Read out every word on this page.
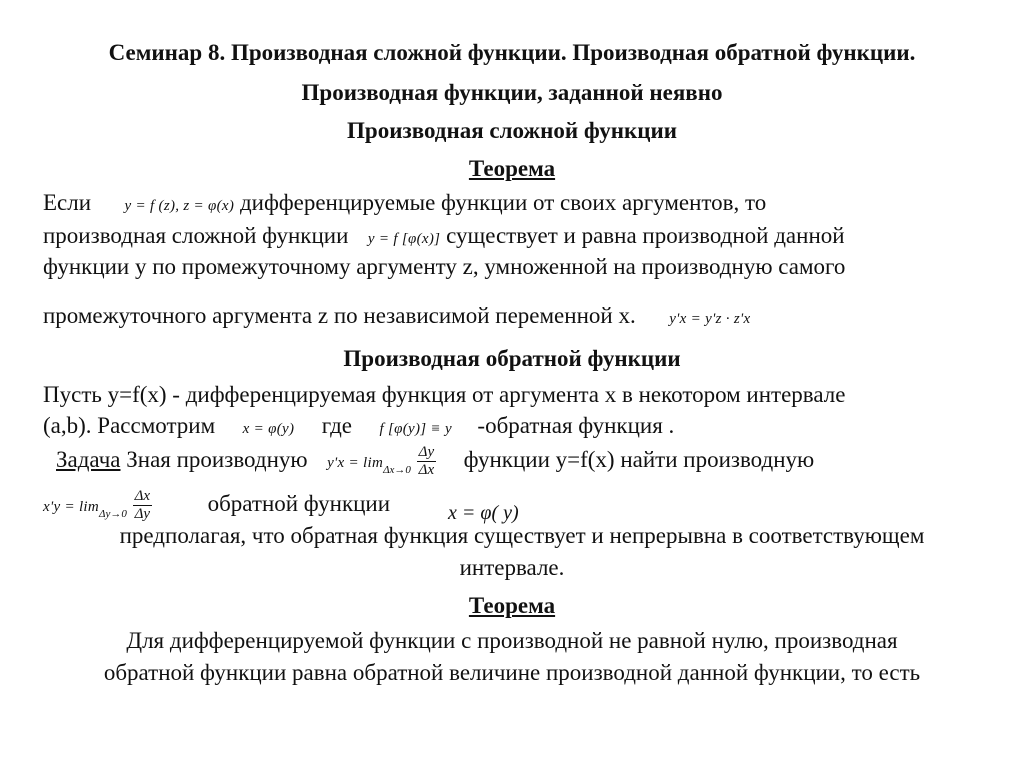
Семинар 8. Производная сложной функции. Производная обратной функции.
Производная функции, заданной неявно
Производная сложной функции
Теорема
Если y = f (z), z = φ(x) дифференцируемые функции от своих аргументов, то
производная сложной функции y = f [φ(x)] существует и равна производной данной
функции y по промежуточному аргументу z, умноженной на производную самого
промежуточного аргумента z по независимой переменной x. y'x = y'z · z'x
Производная обратной функции
Пусть y=f(x) - дифференцируемая функция от аргумента x в некотором интервале
(a,b). Рассмотрим x = φ(y) где f [φ(y)] ≡ y -обратная функция .
Задача Зная производную $y'x = \lim_{\Delta x\to 0} \frac{\Delta y}{\Delta x}$ функции y=f(x) найти производную
$x'y = \lim_{\Delta y\to 0} \frac{\Delta x}{\Delta y}$ обратной функции	x = φ( y)
предполагая, что обратная функция существует и непрерывна в соответствующем
интервале.
Теорема
Для дифференцируемой функции с производной не равной нулю, производная
обратной функции равна обратной величине производной данной функции, то есть
